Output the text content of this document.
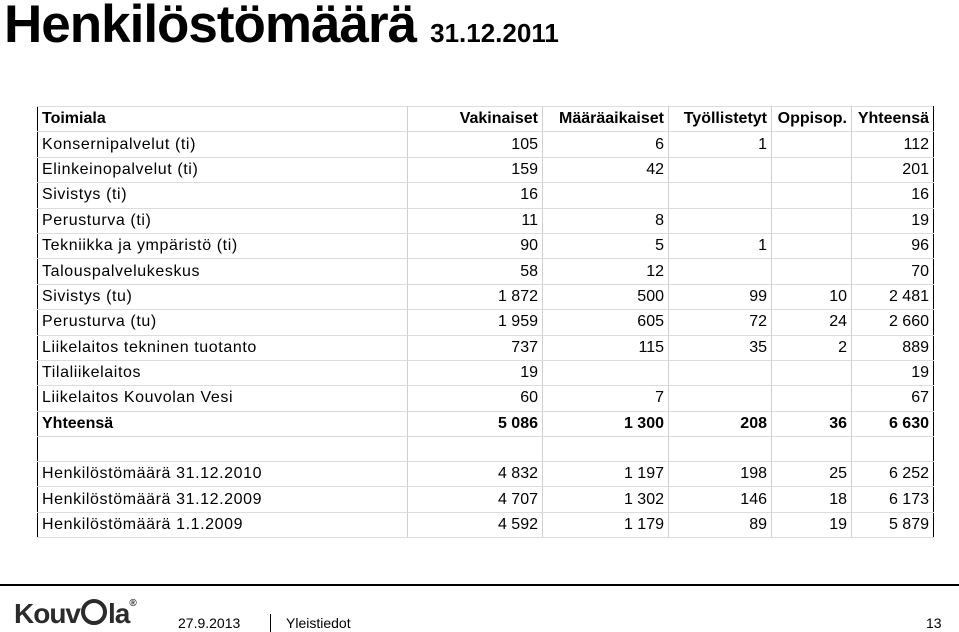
Henkilöstömäärä 31.12.2011
Toimiala	Vakinaiset	Määräaikaiset	Työllistetyt	Oppisop.	Yhteensä
Konsernipalvelut (ti)	105	6	1		112
Elinkeinopalvelut (ti)	159	42			201
Sivistys (ti)	16				16
Perusturva (ti)	11	8			19
Tekniikka ja ympäristö (ti)	90	5	1		96
Talouspalvelukeskus	58	12			70
Sivistys (tu)	1 872	500	99	10	2 481
Perusturva (tu)	1 959	605	72	24	2 660
Liikelaitos tekninen tuotanto	737	115	35	2	889
Tilaliikelaitos	19				19
Liikelaitos Kouvolan Vesi	60	7			67
Yhteensä	5 086	1 300	208	36	6 630

Henkilöstömäärä 31.12.2010	4 832	1 197	198	25	6 252
Henkilöstömäärä 31.12.2009	4 707	1 302	146	18	6 173
Henkilöstömäärä 1.1.2009	4 592	1 179	89	19	5 879
Kouv la®
27.9.2013	Yleistiedot	13
